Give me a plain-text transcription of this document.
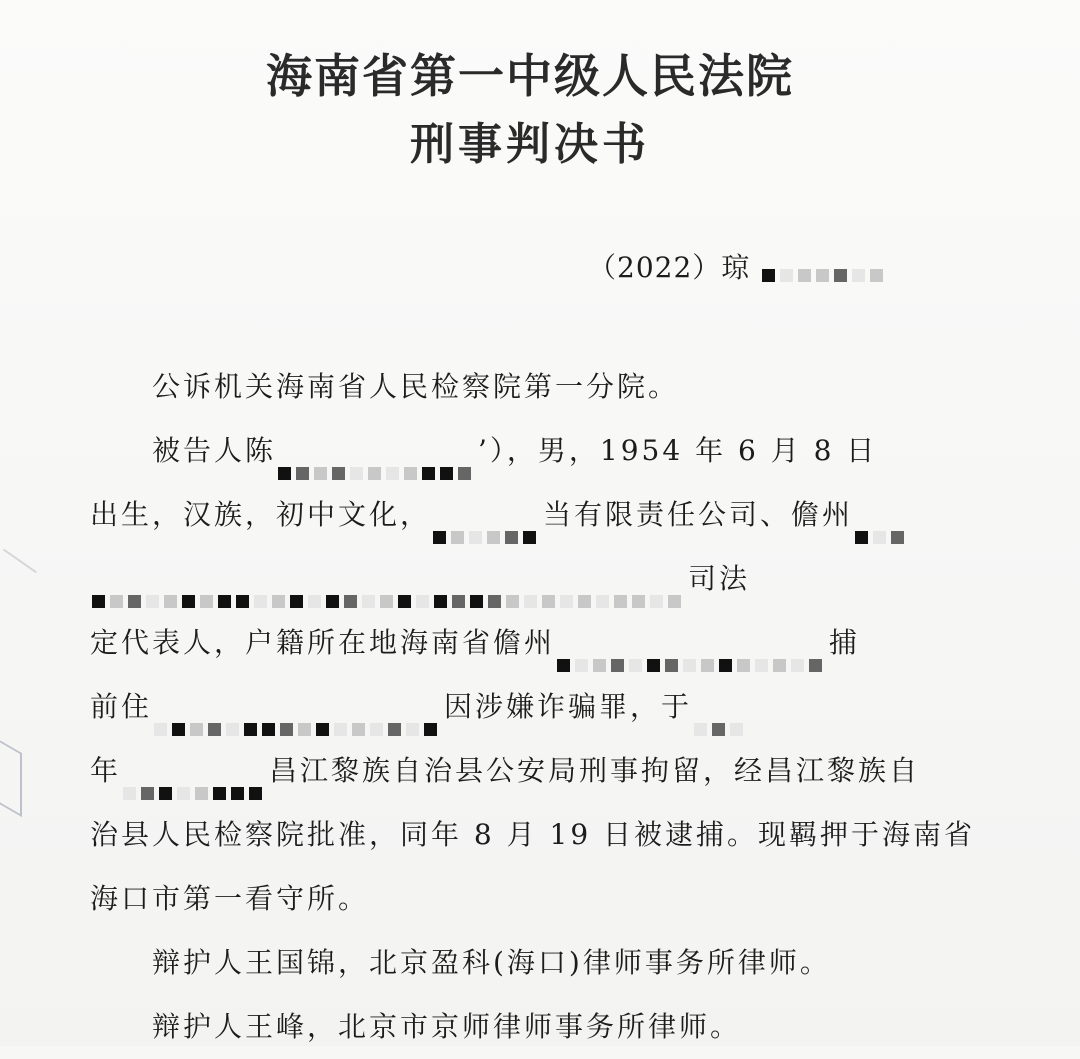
海南省第一中级人民法院
刑事判决书
（2022）琼
公诉机关海南省人民检察院第一分院。
被告人陈	’），男，1954 年 6 月 8 日
出生，汉族，初中文化，	当有限责任公司、儋州
司法
定代表人，户籍所在地海南省儋州	捕
前住	因涉嫌诈骗罪，于
年	昌江黎族自治县公安局刑事拘留，经昌江黎族自
治县人民检察院批准，同年 8 月 19 日被逮捕。现羁押于海南省
海口市第一看守所。
辩护人王国锦，北京盈科(海口)律师事务所律师。
辩护人王峰，北京市京师律师事务所律师。
